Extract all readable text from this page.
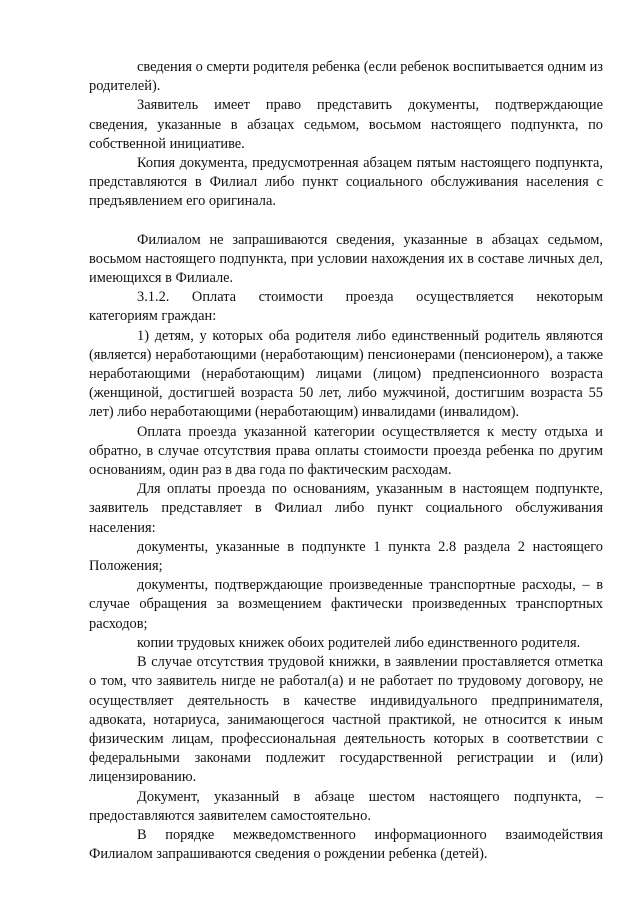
сведения о смерти родителя ребенка (если ребенок воспитывается одним из родителей).

Заявитель имеет право представить документы, подтверждающие сведения, указанные в абзацах седьмом, восьмом настоящего подпункта, по собственной инициативе.

Копия документа, предусмотренная абзацем пятым настоящего подпункта, представляются в Филиал либо пункт социального обслуживания населения с предъявлением его оригинала.

Филиалом не запрашиваются сведения, указанные в абзацах седьмом, восьмом настоящего подпункта, при условии нахождения их в составе личных дел, имеющихся в Филиале.

3.1.2. Оплата стоимости проезда осуществляется некоторым

категориям граждан:

1) детям, у которых оба родителя либо единственный родитель являются (является) неработающими (неработающим) пенсионерами (пенсионером), а также неработающими (неработающим) лицами (лицом) предпенсионного возраста (женщиной, достигшей возраста 50 лет, либо мужчиной, достигшим возраста 55 лет) либо неработающими (неработающим) инвалидами (инвалидом).

Оплата проезда указанной категории осуществляется к месту отдыха и обратно, в случае отсутствия права оплаты стоимости проезда ребенка по другим основаниям, один раз в два года по фактическим расходам.

Для оплаты проезда по основаниям, указанным в настоящем подпункте, заявитель представляет в Филиал либо пункт социального обслуживания населения:

документы, указанные в подпункте 1 пункта 2.8 раздела 2 настоящего Положения;

документы, подтверждающие произведенные транспортные расходы, – в случае обращения за возмещением фактически произведенных транспортных расходов;

копии трудовых книжек обоих родителей либо единственного родителя.

В случае отсутствия трудовой книжки, в заявлении проставляется отметка о том, что заявитель нигде не работал(а) и не работает по трудовому договору, не осуществляет деятельность в качестве индивидуального предпринимателя, адвоката, нотариуса, занимающегося частной практикой, не относится к иным физическим лицам, профессиональная деятельность которых в соответствии с федеральными законами подлежит государственной регистрации и (или) лицензированию.

Документ, указанный в абзаце шестом настоящего подпункта, – предоставляются заявителем самостоятельно.

В порядке межведомственного информационного взаимодействия Филиалом запрашиваются сведения о рождении ребенка (детей).
